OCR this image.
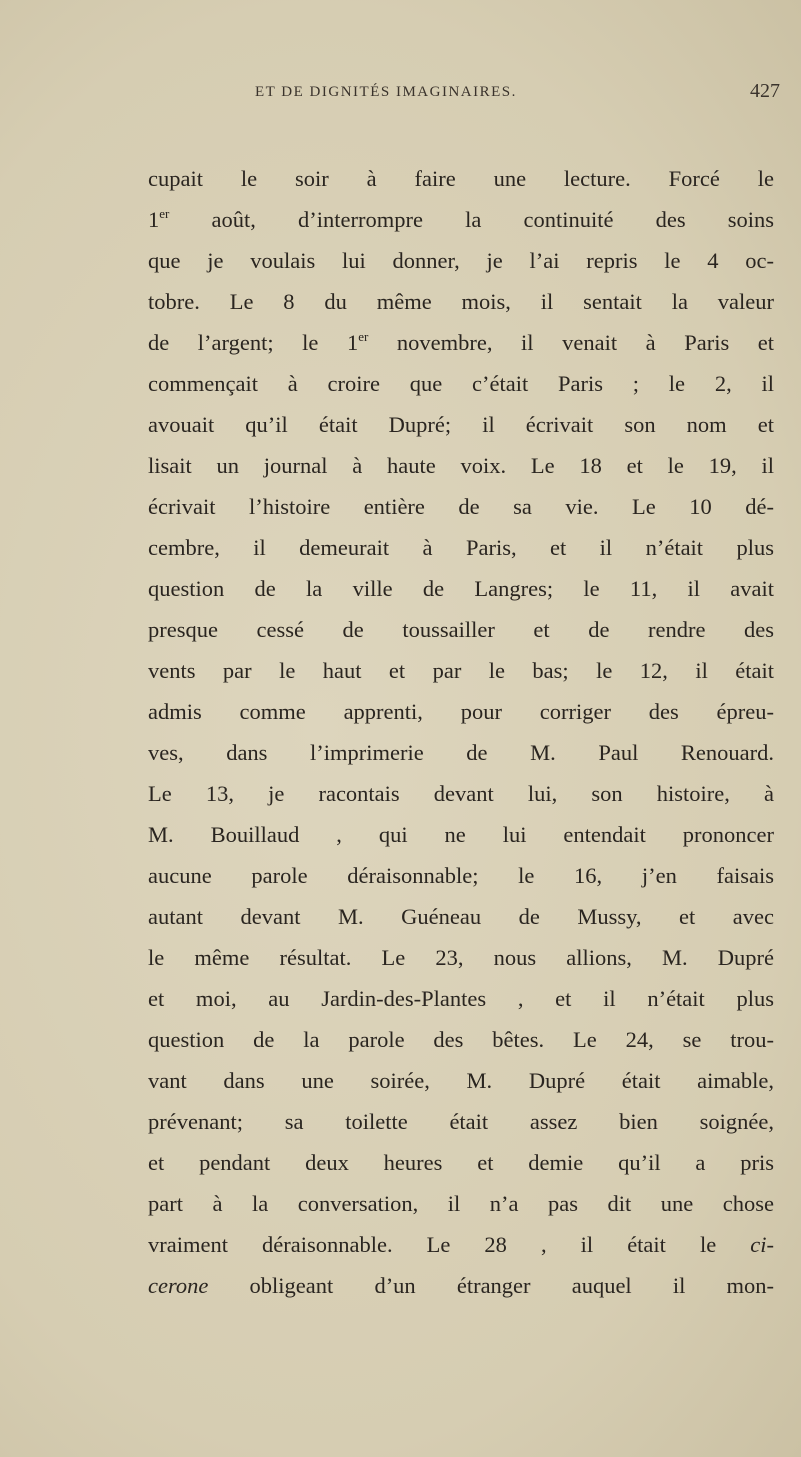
ET DE DIGNITÉS IMAGINAIRES.	427
cupait le soir à faire une lecture. Forcé le
1er août, d’interrompre la continuité des soins
que je voulais lui donner, je l’ai repris le 4 oc-
tobre. Le 8 du même mois, il sentait la valeur
de l’argent; le 1er novembre, il venait à Paris et
commençait à croire que c’était Paris ; le 2, il
avouait qu’il était Dupré; il écrivait son nom et
lisait un journal à haute voix. Le 18 et le 19, il
écrivait l’histoire entière de sa vie. Le 10 dé-
cembre, il demeurait à Paris, et il n’était plus
question de la ville de Langres; le 11, il avait
presque cessé de toussailler et de rendre des
vents par le haut et par le bas; le 12, il était
admis comme apprenti, pour corriger des épreu-
ves, dans l’imprimerie de M. Paul Renouard.
Le 13, je racontais devant lui, son histoire, à
M. Bouillaud , qui ne lui entendait prononcer
aucune parole déraisonnable; le 16, j’en faisais
autant devant M. Guéneau de Mussy, et avec
le même résultat. Le 23, nous allions, M. Dupré
et moi, au Jardin-des-Plantes , et il n’était plus
question de la parole des bêtes. Le 24, se trou-
vant dans une soirée, M. Dupré était aimable,
prévenant; sa toilette était assez bien soignée,
et pendant deux heures et demie qu’il a pris
part à la conversation, il n’a pas dit une chose
vraiment déraisonnable. Le 28 , il était le ci-
cerone obligeant d’un étranger auquel il mon-
